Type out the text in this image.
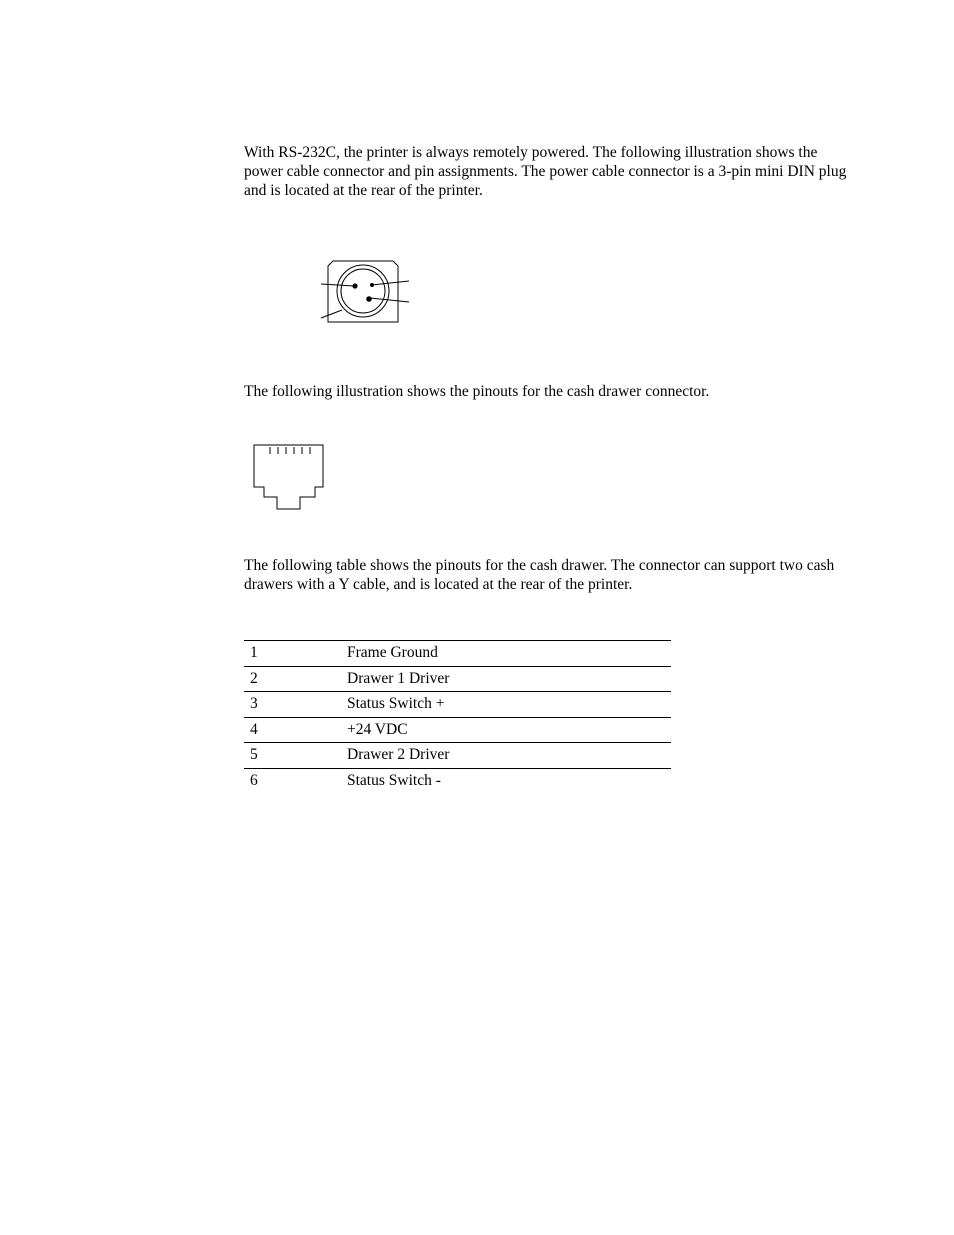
With RS-232C, the printer is always remotely powered. The following illustration shows the power cable connector and pin assignments. The power cable connector is a 3-pin mini DIN plug and is located at the rear of the printer.

The following illustration shows the pinouts for the cash drawer connector.

The following table shows the pinouts for the cash drawer. The connector can support two cash drawers with a Y cable, and is located at the rear of the printer.

1	Frame Ground
2	Drawer 1 Driver
3	Status Switch +
4	+24 VDC
5	Drawer 2 Driver
6	Status Switch -
